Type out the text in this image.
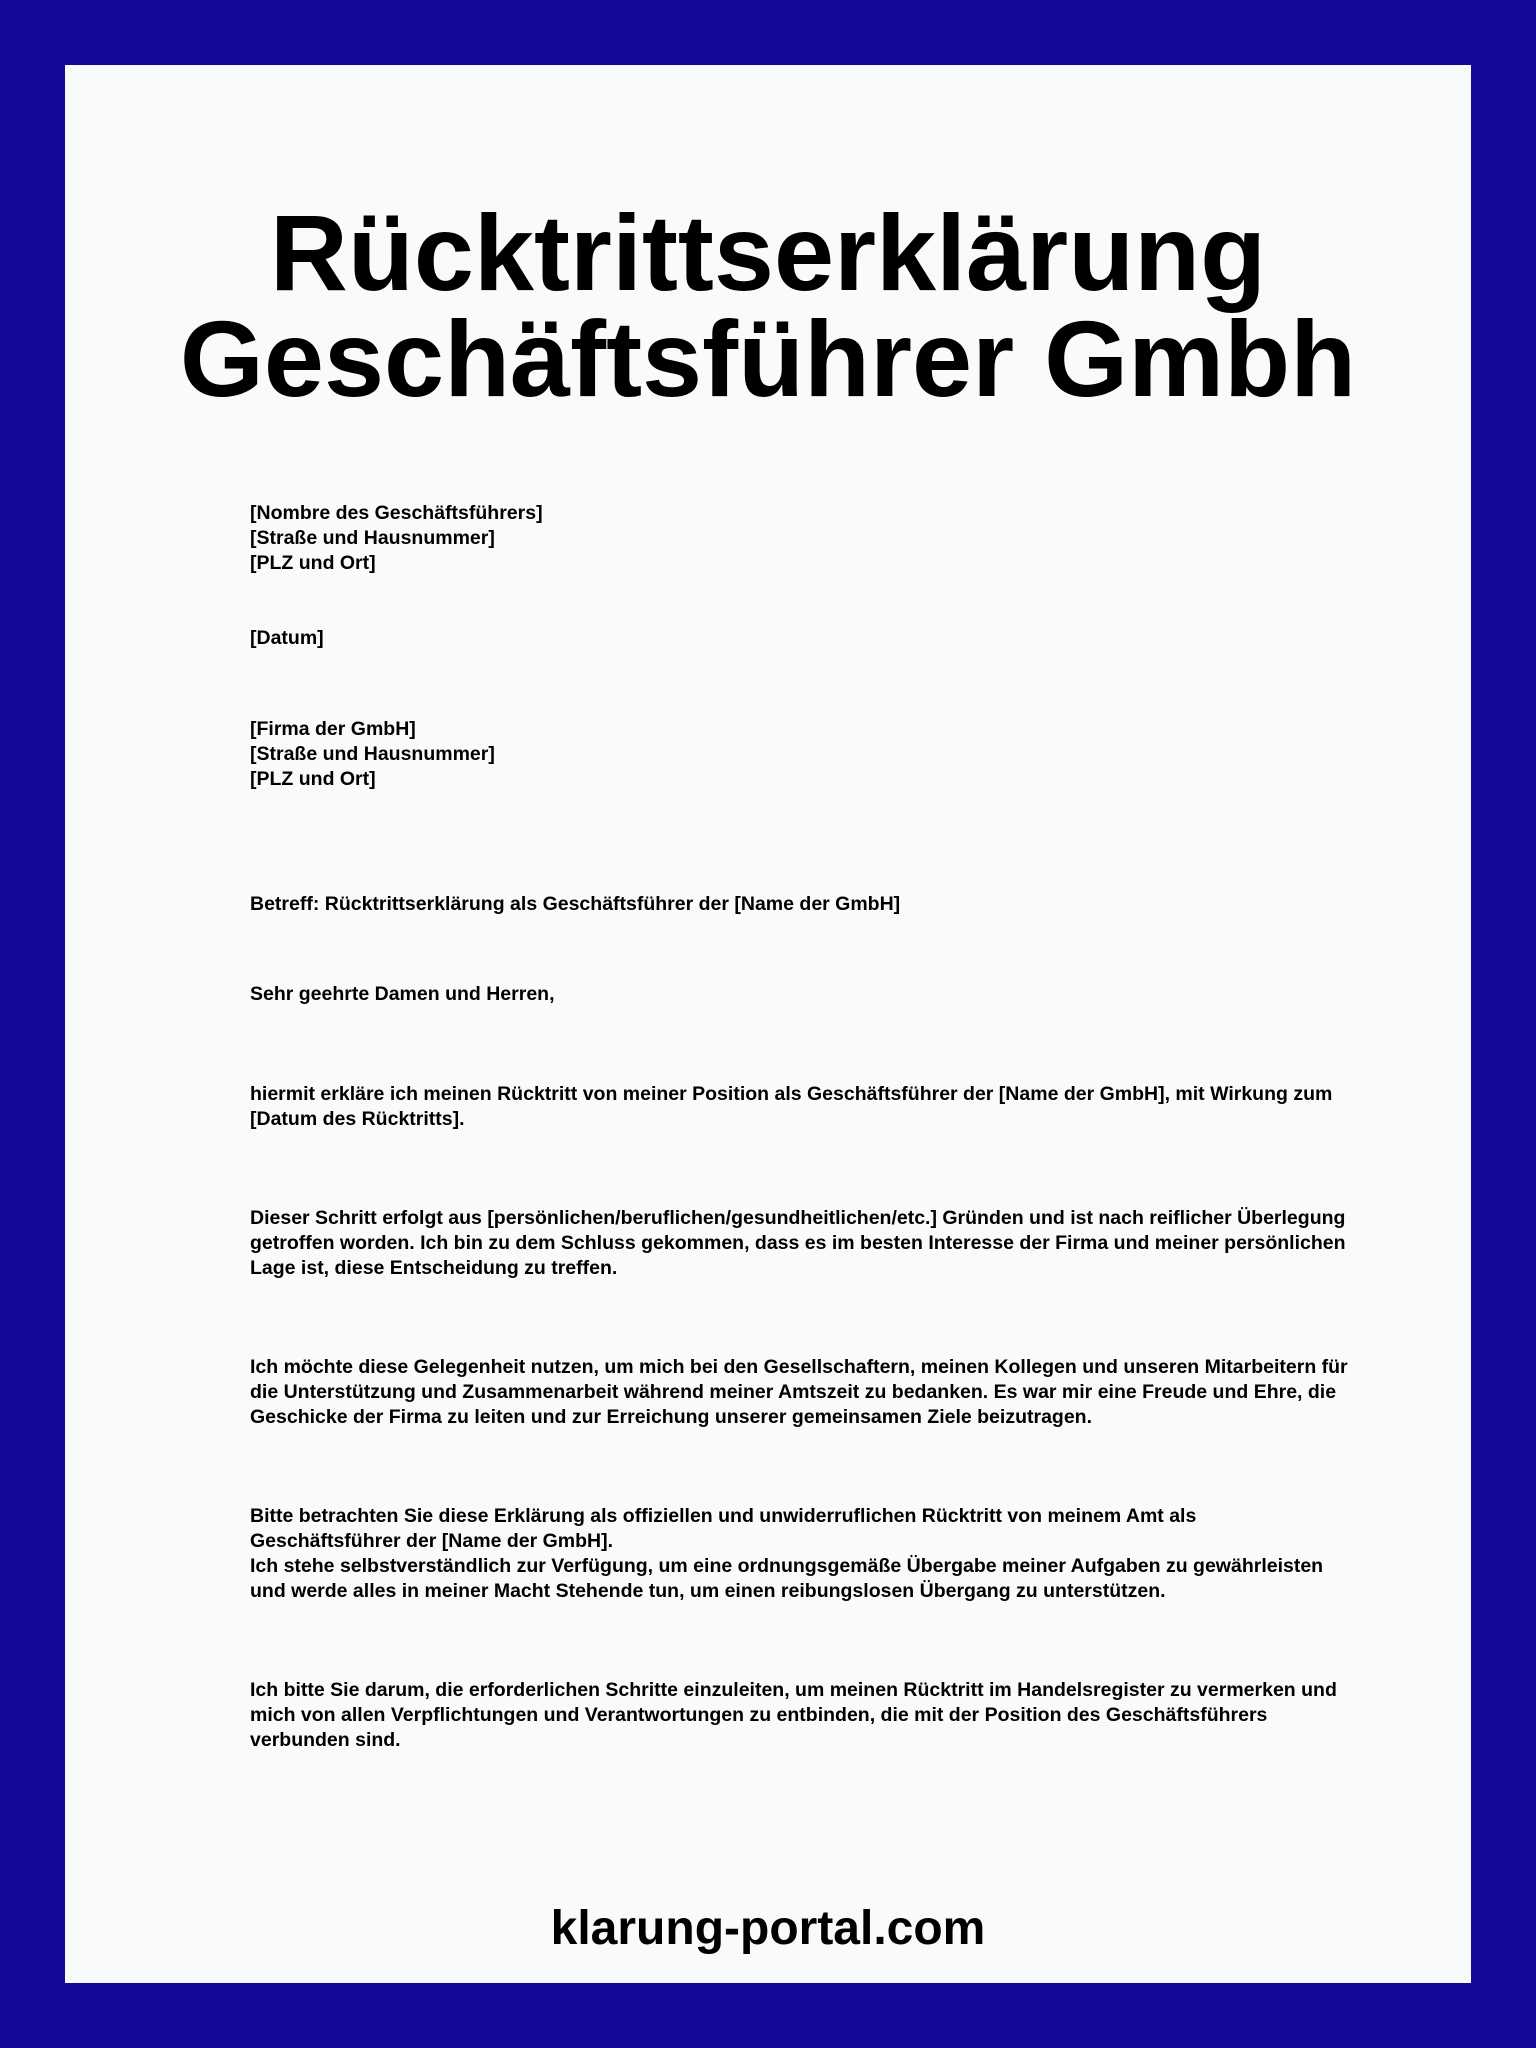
Rücktrittserklärung
Geschäftsführer Gmbh

[Nombre des Geschäftsführers]

[Straße und Hausnummer]

[PLZ und Ort]

[Datum]

[Firma der GmbH]

[Straße und Hausnummer]

[PLZ und Ort]

Betreff: Rücktrittserklärung als Geschäftsführer der [Name der GmbH]

Sehr geehrte Damen und Herren,

hiermit erkläre ich meinen Rücktritt von meiner Position als Geschäftsführer der [Name der GmbH], mit Wirkung zum [Datum des Rücktritts].

Dieser Schritt erfolgt aus [persönlichen/beruflichen/gesundheitlichen/etc.] Gründen und ist nach reiflicher Überlegung getroffen worden. Ich bin zu dem Schluss gekommen, dass es im besten Interesse der Firma und meiner persönlichen Lage ist, diese Entscheidung zu treffen.

Ich möchte diese Gelegenheit nutzen, um mich bei den Gesellschaftern, meinen Kollegen und unseren Mitarbeitern für die Unterstützung und Zusammenarbeit während meiner Amtszeit zu bedanken. Es war mir eine Freude und Ehre, die Geschicke der Firma zu leiten und zur Erreichung unserer gemeinsamen Ziele beizutragen.

Bitte betrachten Sie diese Erklärung als offiziellen und unwiderruflichen Rücktritt von meinem Amt als Geschäftsführer der [Name der GmbH].

Ich stehe selbstverständlich zur Verfügung, um eine ordnungsgemäße Übergabe meiner Aufgaben zu gewährleisten und werde alles in meiner Macht Stehende tun, um einen reibungslosen Übergang zu unterstützen.

Ich bitte Sie darum, die erforderlichen Schritte einzuleiten, um meinen Rücktritt im Handelsregister zu vermerken und mich von allen Verpflichtungen und Verantwortungen zu entbinden, die mit der Position des Geschäftsführers verbunden sind.

klarung-portal.com
